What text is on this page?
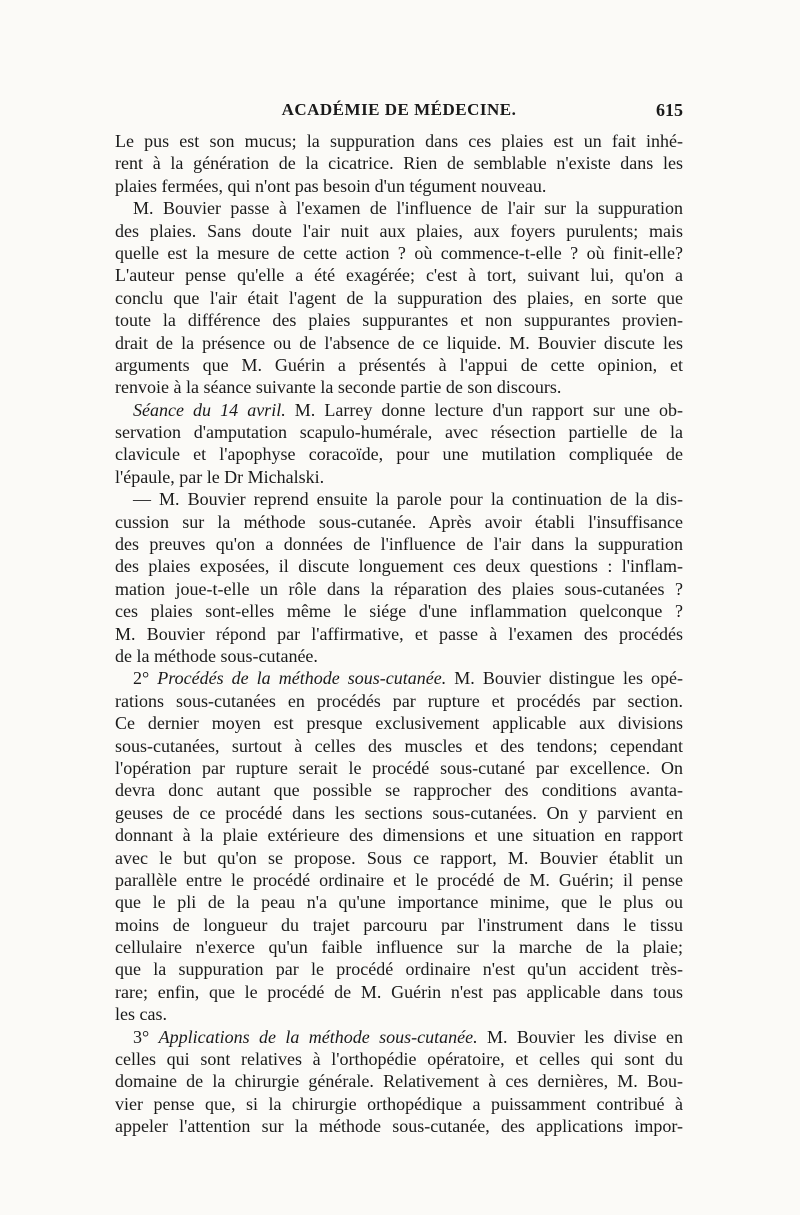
ACADÉMIE DE MÉDECINE.	615
Le pus est son mucus; la suppuration dans ces plaies est un fait inhé-
rent à la génération de la cicatrice. Rien de semblable n'existe dans les
plaies fermées, qui n'ont pas besoin d'un tégument nouveau.
M. Bouvier passe à l'examen de l'influence de l'air sur la suppuration
des plaies. Sans doute l'air nuit aux plaies, aux foyers purulents; mais
quelle est la mesure de cette action ? où commence-t-elle ? où finit-elle?
L'auteur pense qu'elle a été exagérée; c'est à tort, suivant lui, qu'on a
conclu que l'air était l'agent de la suppuration des plaies, en sorte que
toute la différence des plaies suppurantes et non suppurantes provien-
drait de la présence ou de l'absence de ce liquide. M. Bouvier discute les
arguments que M. Guérin a présentés à l'appui de cette opinion, et
renvoie à la séance suivante la seconde partie de son discours.
Séance du 14 avril. M. Larrey donne lecture d'un rapport sur une ob-
servation d'amputation scapulo-humérale, avec résection partielle de la
clavicule et l'apophyse coracoïde, pour une mutilation compliquée de
l'épaule, par le Dr Michalski.
— M. Bouvier reprend ensuite la parole pour la continuation de la dis-
cussion sur la méthode sous-cutanée. Après avoir établi l'insuffisance
des preuves qu'on a données de l'influence de l'air dans la suppuration
des plaies exposées, il discute longuement ces deux questions : l'inflam-
mation joue-t-elle un rôle dans la réparation des plaies sous-cutanées ?
ces plaies sont-elles même le siége d'une inflammation quelconque ?
M. Bouvier répond par l'affirmative, et passe à l'examen des procédés
de la méthode sous-cutanée.
2° Procédés de la méthode sous-cutanée. M. Bouvier distingue les opé-
rations sous-cutanées en procédés par rupture et procédés par section.
Ce dernier moyen est presque exclusivement applicable aux divisions
sous-cutanées, surtout à celles des muscles et des tendons; cependant
l'opération par rupture serait le procédé sous-cutané par excellence. On
devra donc autant que possible se rapprocher des conditions avanta-
geuses de ce procédé dans les sections sous-cutanées. On y parvient en
donnant à la plaie extérieure des dimensions et une situation en rapport
avec le but qu'on se propose. Sous ce rapport, M. Bouvier établit un
parallèle entre le procédé ordinaire et le procédé de M. Guérin; il pense
que le pli de la peau n'a qu'une importance minime, que le plus ou
moins de longueur du trajet parcouru par l'instrument dans le tissu
cellulaire n'exerce qu'un faible influence sur la marche de la plaie;
que la suppuration par le procédé ordinaire n'est qu'un accident très-
rare; enfin, que le procédé de M. Guérin n'est pas applicable dans tous
les cas.
3° Applications de la méthode sous-cutanée. M. Bouvier les divise en
celles qui sont relatives à l'orthopédie opératoire, et celles qui sont du
domaine de la chirurgie générale. Relativement à ces dernières, M. Bou-
vier pense que, si la chirurgie orthopédique a puissamment contribué à
appeler l'attention sur la méthode sous-cutanée, des applications impor-
